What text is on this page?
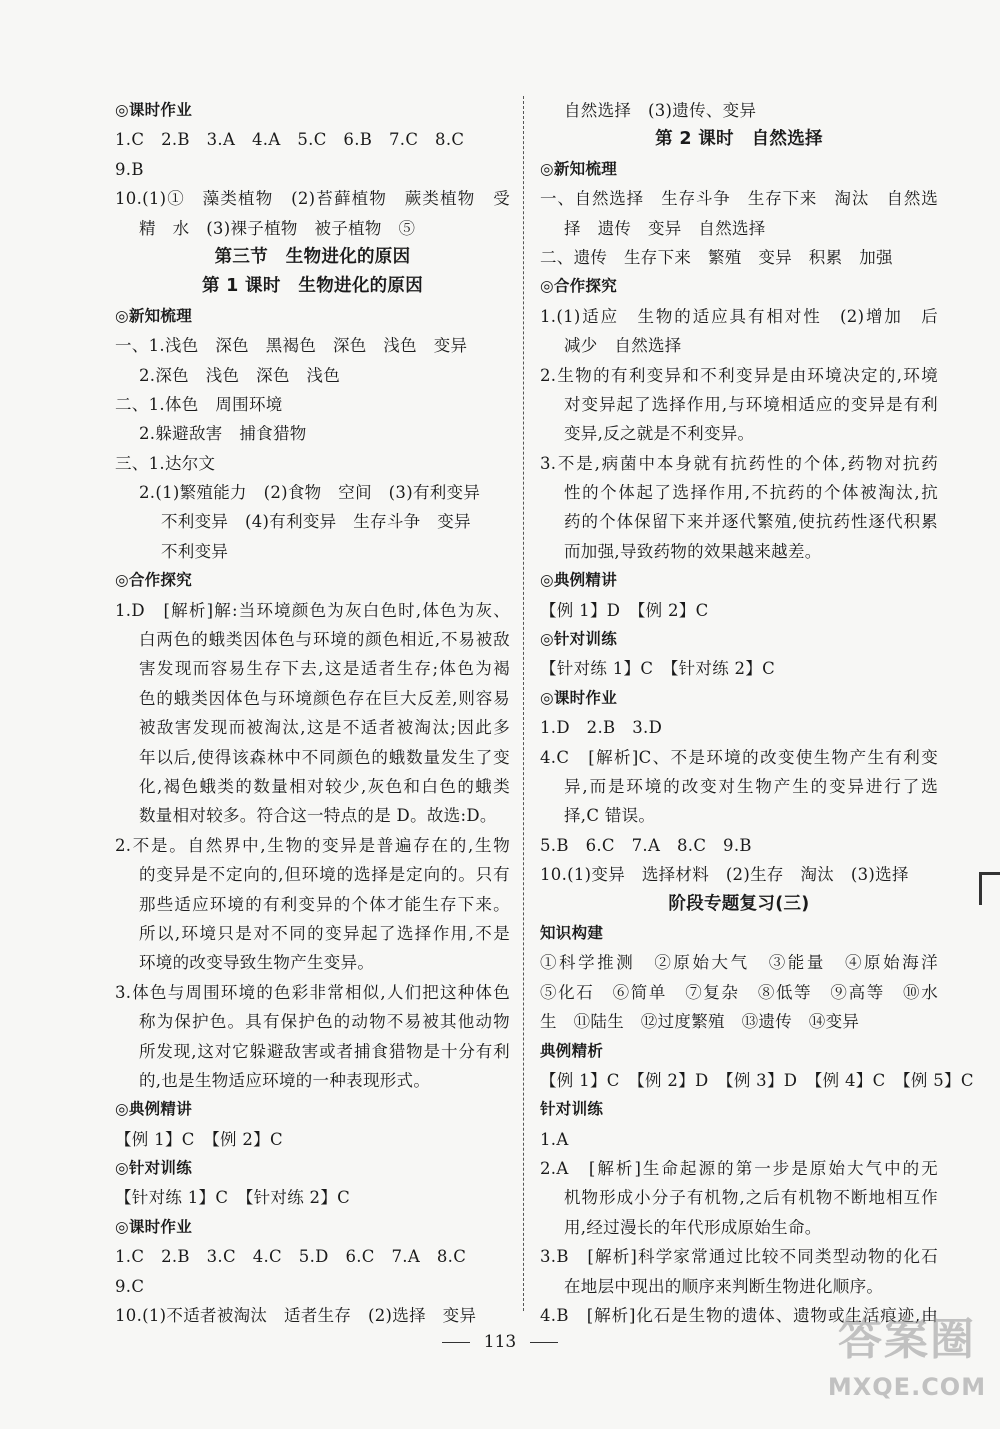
◎课时作业
1.C　2.B　3.A　4.A　5.C　6.B　7.C　8.C
9.B
10.(1)①　藻类植物　(2)苔藓植物　蕨类植物　受
精　水　(3)裸子植物　被子植物　⑤
第三节　生物进化的原因
第 1 课时　生物进化的原因
◎新知梳理
一、1.浅色　深色　黑褐色　深色　浅色　变异
2.深色　浅色　深色　浅色
二、1.体色　周围环境
2.躲避敌害　捕食猎物
三、1.达尔文
2.(1)繁殖能力　(2)食物　空间　(3)有利变异
不利变异　(4)有利变异　生存斗争　变异
不利变异
◎合作探究
1.D　[解析]解:当环境颜色为灰白色时,体色为灰、
白两色的蛾类因体色与环境的颜色相近,不易被敌
害发现而容易生存下去,这是适者生存;体色为褐
色的蛾类因体色与环境颜色存在巨大反差,则容易
被敌害发现而被淘汰,这是不适者被淘汰;因此多
年以后,使得该森林中不同颜色的蛾数量发生了变
化,褐色蛾类的数量相对较少,灰色和白色的蛾类
数量相对较多。符合这一特点的是 D。故选:D。
2.不是。自然界中,生物的变异是普遍存在的,生物
的变异是不定向的,但环境的选择是定向的。只有
那些适应环境的有利变异的个体才能生存下来。
所以,环境只是对不同的变异起了选择作用,不是
环境的改变导致生物产生变异。
3.体色与周围环境的色彩非常相似,人们把这种体色
称为保护色。具有保护色的动物不易被其他动物
所发现,这对它躲避敌害或者捕食猎物是十分有利
的,也是生物适应环境的一种表现形式。
◎典例精讲
【例 1】C　【例 2】C
◎针对训练
【针对练 1】C　【针对练 2】C
◎课时作业
1.C　2.B　3.C　4.C　5.D　6.C　7.A　8.C
9.C
10.(1)不适者被淘汰　适者生存　(2)选择　变异
自然选择　(3)遗传、变异
第 2 课时　自然选择
◎新知梳理
一、自然选择　生存斗争　生存下来　淘汰　自然选
择　遗传　变异　自然选择
二、遗传　生存下来　繁殖　变异　积累　加强
◎合作探究
1.(1)适应　生物的适应具有相对性　(2)增加　后
减少　自然选择
2.生物的有利变异和不利变异是由环境决定的,环境
对变异起了选择作用,与环境相适应的变异是有利
变异,反之就是不利变异。
3.不是,病菌中本身就有抗药性的个体,药物对抗药
性的个体起了选择作用,不抗药的个体被淘汰,抗
药的个体保留下来并逐代繁殖,使抗药性逐代积累
而加强,导致药物的效果越来越差。
◎典例精讲
【例 1】D　【例 2】C
◎针对训练
【针对练 1】C　【针对练 2】C
◎课时作业
1.D　2.B　3.D
4.C　[解析]C、不是环境的改变使生物产生有利变
异,而是环境的改变对生物产生的变异进行了选
择,C 错误。
5.B　6.C　7.A　8.C　9.B
10.(1)变异　选择材料　(2)生存　淘汰　(3)选择
阶段专题复习(三)
知识构建
①科学推测　②原始大气　③能量　④原始海洋
⑤化石　⑥简单　⑦复杂　⑧低等　⑨高等　⑩水
生　⑪陆生　⑫过度繁殖　⑬遗传　⑭变异
典例精析
【例 1】C　【例 2】D　【例 3】D　【例 4】C　【例 5】C
针对训练
1.A
2.A　[解析]生命起源的第一步是原始大气中的无
机物形成小分子有机物,之后有机物不断地相互作
用,经过漫长的年代形成原始生命。
3.B　[解析]科学家常通过比较不同类型动物的化石
在地层中现出的顺序来判断生物进化顺序。
4.B　[解析]化石是生物的遗体、遗物或生活痕迹,由
113	答案圈
MXQE.COM
